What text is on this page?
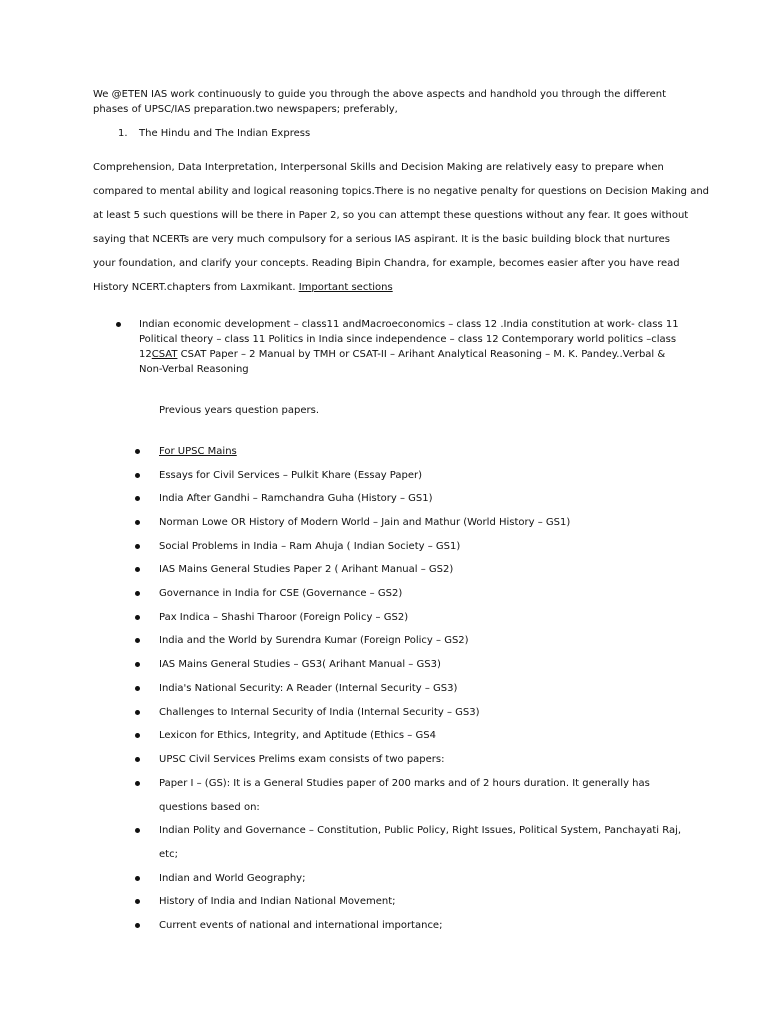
We @ETEN IAS work continuously to guide you through the above aspects and handhold you through the different
phases of UPSC/IAS preparation.two newspapers; preferably,
1. The Hindu and The Indian Express
Comprehension, Data Interpretation, Interpersonal Skills and Decision Making are relatively easy to prepare when
compared to mental ability and logical reasoning topics.There is no negative penalty for questions on Decision Making and
at least 5 such questions will be there in Paper 2, so you can attempt these questions without any fear. It goes without
saying that NCERTs are very much compulsory for a serious IAS aspirant. It is the basic building block that nurtures
your foundation, and clarify your concepts. Reading Bipin Chandra, for example, becomes easier after you have read
History NCERT.chapters from Laxmikant. Important sections
Indian economic development – class11 andMacroeconomics – class 12 .India constitution at work- class 11
Political theory – class 11 Politics in India since independence – class 12 Contemporary world politics –class
12CSAT CSAT Paper – 2 Manual by TMH or CSAT-II – Arihant Analytical Reasoning – M. K. Pandey..Verbal &
Non-Verbal Reasoning
Previous years question papers.
For UPSC Mains
Essays for Civil Services – Pulkit Khare (Essay Paper)
India After Gandhi – Ramchandra Guha (History – GS1)
Norman Lowe OR History of Modern World – Jain and Mathur (World History – GS1)
Social Problems in India – Ram Ahuja ( Indian Society – GS1)
IAS Mains General Studies Paper 2 ( Arihant Manual – GS2)
Governance in India for CSE (Governance – GS2)
Pax Indica – Shashi Tharoor (Foreign Policy – GS2)
India and the World by Surendra Kumar (Foreign Policy – GS2)
IAS Mains General Studies – GS3( Arihant Manual – GS3)
India's National Security: A Reader (Internal Security – GS3)
Challenges to Internal Security of India (Internal Security – GS3)
Lexicon for Ethics, Integrity, and Aptitude (Ethics – GS4
UPSC Civil Services Prelims exam consists of two papers:
Paper I – (GS): It is a General Studies paper of 200 marks and of 2 hours duration. It generally has
questions based on:
Indian Polity and Governance – Constitution, Public Policy, Right Issues, Political System, Panchayati Raj,
etc;
Indian and World Geography;
History of India and Indian National Movement;
Current events of national and international importance;
